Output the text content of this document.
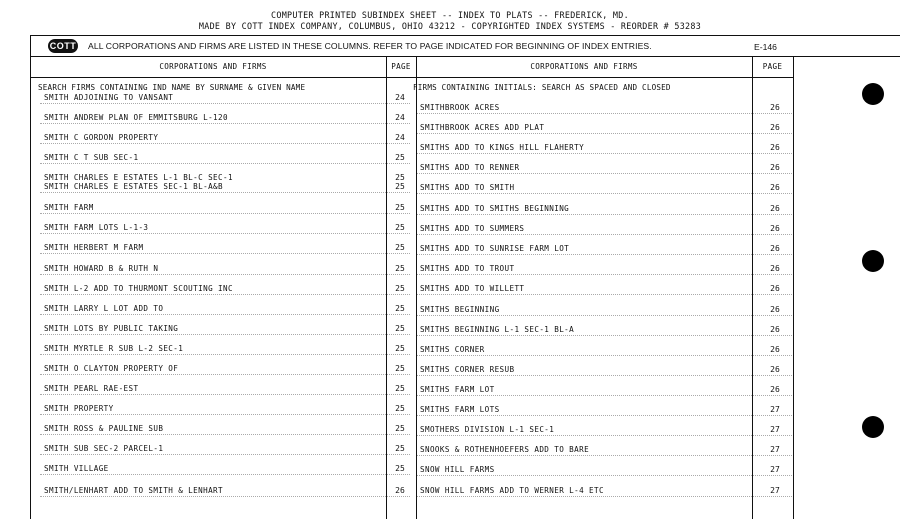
COMPUTER PRINTED SUBINDEX SHEET -- INDEX TO PLATS -- FREDERICK, MD.
MADE BY COTT INDEX COMPANY, COLUMBUS, OHIO 43212 - COPYRIGHTED INDEX SYSTEMS - REORDER # 53283
COTT ALL CORPORATIONS AND FIRMS ARE LISTED IN THESE COLUMNS. REFER TO PAGE INDICATED FOR BEGINNING OF INDEX ENTRIES.	E-146
CORPORATIONS AND FIRMS	PAGE	CORPORATIONS AND FIRMS	PAGE
SEARCH FIRMS CONTAINING IND NAME BY SURNAME & GIVEN NAME	FIRMS CONTAINING INITIALS: SEARCH AS SPACED AND CLOSED
SMITH ADJOINING TO VANSANT	24
SMITH ANDREW PLAN OF EMMITSBURG L-120	24
SMITH C GORDON PROPERTY	24
SMITH C T SUB SEC-1	25
SMITH CHARLES E ESTATES L-1 BL-C SEC-1	25
SMITH CHARLES E ESTATES SEC-1 BL-A&B	25
SMITH FARM	25
SMITH FARM LOTS L-1-3	25
SMITH HERBERT M FARM	25
SMITH HOWARD B & RUTH N	25
SMITH L-2 ADD TO THURMONT SCOUTING INC	25
SMITH LARRY L LOT ADD TO	25
SMITH LOTS BY PUBLIC TAKING	25
SMITH MYRTLE R SUB L-2 SEC-1	25
SMITH O CLAYTON PROPERTY OF	25
SMITH PEARL RAE-EST	25
SMITH PROPERTY	25
SMITH ROSS & PAULINE SUB	25
SMITH SUB SEC-2 PARCEL-1	25
SMITH VILLAGE	25
SMITH/LENHART ADD TO SMITH & LENHART	26
SMITHBROOK ACRES	26
SMITHBROOK ACRES ADD PLAT	26
SMITHS ADD TO KINGS HILL FLAHERTY	26
SMITHS ADD TO RENNER	26
SMITHS ADD TO SMITH	26
SMITHS ADD TO SMITHS BEGINNING	26
SMITHS ADD TO SUMMERS	26
SMITHS ADD TO SUNRISE FARM LOT	26
SMITHS ADD TO TROUT	26
SMITHS ADD TO WILLETT	26
SMITHS BEGINNING	26
SMITHS BEGINNING L-1 SEC-1 BL-A	26
SMITHS CORNER	26
SMITHS CORNER RESUB	26
SMITHS FARM LOT	26
SMITHS FARM LOTS	27
SMOTHERS DIVISION L-1 SEC-1	27
SNOOKS & ROTHENHOEFERS ADD TO BARE	27
SNOW HILL FARMS	27
SNOW HILL FARMS ADD TO WERNER L-4 ETC	27
